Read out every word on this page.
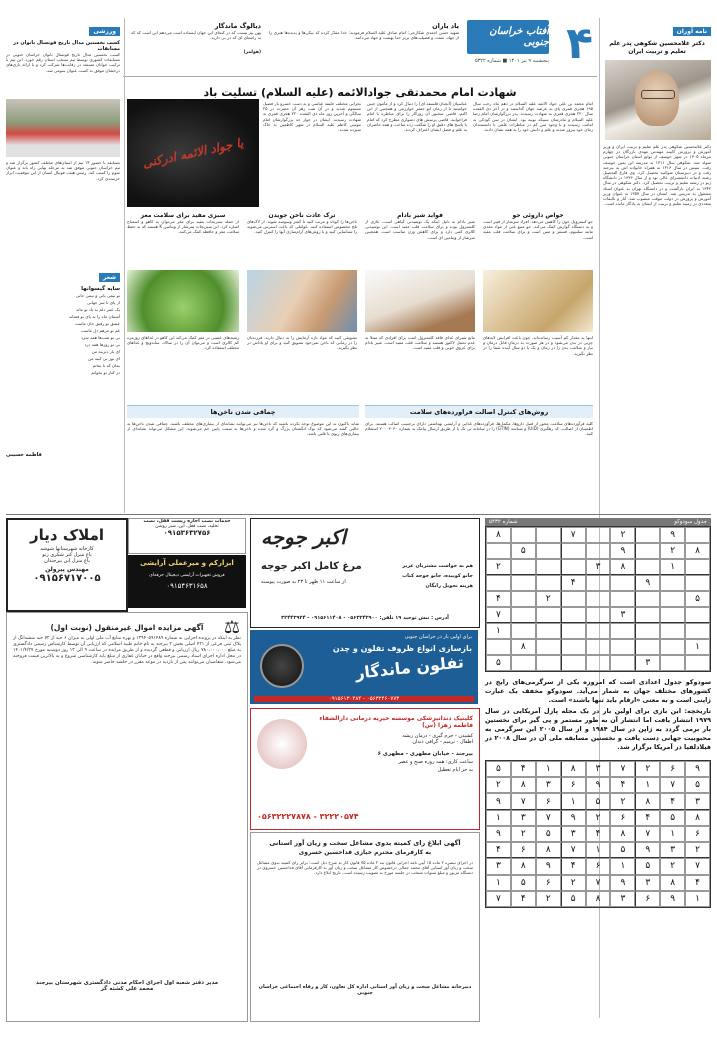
نامه آوران
دکتر غلامحسین شکوهی پدر علم تعلیم و تربیت ایران
دکتر غلامحسین شکوهی پدر علم تعلیم و تربیت ایران و وزیر آموزش و پرورش کابینه مهندس مهدی بازرگان در چهارم تیرماه ۱۳۰۵ در شهر خوسف از توابع استان خراسان جنوبی متولد شد. شکوهی سال ۱۳۱۱ به مدرسه ابن یمین خوسف رفت. سپس در سال ۱۳۱۶ به همراه خانواده اش به بیرجند رفت و در دبیرستان شوکتیه تحصیل کرد. وی فارغ التحصیل رشته ادبیات دانشسرای عالی بود و از سال ۱۳۳۶ در دانشگاه ژنو در رشته تعلیم و تربیت تحصیل کرد. دکتر شکوهی در سال ۱۳۴۲ به ایران بازگشت و در دانشگاه تهران به عنوان استاد مشغول به تدریس شد. ایشان در سال ۱۳۵۷ به عنوان وزیر آموزش و پرورش در دولت موقت منصوب شد. آثار و تالیفات متعددی در زمینه تعلیم و تربیت از ایشان به یادگار مانده است.
۴
آفتاب خراسان جنوبی
پنجشنبه ۹ تیر ۱۴۰۱ ■ شماره ۵۳۲۲
یاد یاران
شهید حسن احمدی شکارجی: امام صادق علیه السلام فرمودند: خدا مقدّر کرده که نیکی‌ها و پدیده‌ها هنری را از جهاد، نعمت و فضیلت‌های برتر خدا بهشت و جهاد می‌دانند.
دیالوگ ماندگار
پهن پیر نیست که در کنجای این جهان ایستاده است می‌دهم این است که که به راستای ای که در بی دارید.
(هولمز)
شهادت امام محمدتقی جوادالائمه (علیه السلام) تسلیت باد
یا جواد الائمه ادرکنی
امام محمد بن علی جواد الائمه علیه السلام در دهم ماه رجب سال ۱۹۵ هجری قمری پای به عرصه جهان گذاشتند و در آخر ذی القعده سال ۲۲۰ هجری قمری به شهادت رسیدند. پدر بزرگوارشان امام رضا علیه السلام و مادرشان سبیکه نوبیه بود. ایشان در سن کودکی به امامت رسیدند و با وجود سن کم در مناظرات علمی با دانشمندان زمان خود پیروز شدند و علم و دانش خود را به همه نشان دادند.
عباسیان (آنچنان فلسفه ای) را دنبال کرد و از مأمون چنین خواستند تا از زمان ابو جعفر خوارزمی و همچنین از ابن اکثم، قاضی سخنور آن روزگار را برای مناظره با امام فراخوانند. قاضی پرسش های دشواری مطرح کرد که امام با پاسخ های دقیق او را شگفت زده ساخت و همه حاضران به علم و فضل ایشان اعتراف کردند.
بحرانی مختلف خلیفه عباسی و به دست خسرو باز فضیل مسموم شدند و در آن شب زهر آن حضرت در ۲۵ سالگی و آخرین روز ماه ذی القعده ۲۲۰ هجری قمری به شهادت رسیدند. ایشان در جوار جد بزرگوارشان امام موسی کاظم علیه السلام در شهر کاظمین به خاک سپرده شدند.
خواص داروئی جو
جو کنسرویل خون را کاهش می‌دهد. افراد سرشار از فیبر است و به دستگاه گوارش کمک می‌کند. جو منبع غنی از مواد مغذی مانند سلنیوم، فسفر و مس است و برای سلامت قلب مفید است.
اینها به مقدار کم آسیب رسانده‌اند. چون باعث افزایش لایه‌های چربی در بدن می‌شود و در هر صورت به درمان قابل درمان و نیاز و سلامت بدن را در زمان و یک یا دو سال آینده شما را در نظر بگیرید.
فواید شیر بادام
شیر بادام به دلیل اینکه یک نوشیدنی گیاهی است، عاری از کلسترول بوده و برای سلامت قلب مفید است. این نوشیدنی کالری کمی دارد و برای کاهش وزن مناسب است. همچنین سرشار از ویتامین ای است.
مانع شیرای غذای فاقد کلسترول است برای افرادی که مبتلا به عدم تحمل لاکتوز هستند و سلامت قلب مفید است. شیر بادام برای عروق خونی و قلب مفید است.
ترک عادت ناخن جویدن
ناخن‌ها را کوتاه و مرتب کنید تا کمتر وسوسه شوید. از لاک‌های تلخ مخصوص استفاده کنید. عواملی که باعث استرس می‌شوند را شناسایی کنید و با روش‌های آرام‌سازی آنها را کنترل کنید.
تشویقی کنید که مواد تازه آزمایش را به دنبال دارند. فرزندتان را در زمانی که ناخن نمی‌جود تشویق کنید و برای او پاداش در نظر بگیرید.
سبزی مفید برای سلامت مغز
از جمله سبزیجات مفید برای مغز می‌توان به کاهو و اسفناج اشاره کرد. این سبزیجات سرشار از ویتامین K هستند که به حفظ سلامت مغز و حافظه کمک می‌کنند.
رشته‌های عصبی در مغز کمک می‌کند این کاهو در غذاهای روزمره کم کالری است و می‌توان آن را در سالاد، ساندویچ و غذاهای مختلف استفاده کرد.
روش‌های کنترل اصالت فراورده‌های سلامت
کلیه فرآورده‌های سلامت محور از قبیل داروها، مکمل‌ها، فرآورده‌های غذایی و آرایشی بهداشتی دارای برچسب اصالت هستند. برای اطمینان از اصالت، کد رهگیری (UID) و شناسه (GTIN) را در سامانه تی تک یا از طریق ارسال پیامک به شماره ۲۰۰۰۳۰۳۰ استعلام کنید.
چماقی شدن ناخن‌ها
شاید تاکنون به این موضوع توجه نکرده باشید که ناخن‌ها نیز می‌توانند نشانه‌ای از بیماری‌های مختلف باشند. چماقی شدن ناخن‌ها به حالتی گفته می‌شود که نوک انگشتان بزرگ و گرد شده و ناخن‌ها به سمت پایین خم می‌شوند. این مشکل می‌تواند نشانه‌ای از بیماری‌های ریوی یا قلبی باشد.
ورزشی
کسب نخستین مدال تاریخ فوتسال بانوان در مسابقات
کسب نخستین مدال تاریخ فوتسال بانوان خراسان جنوبی در مسابقات کشوری توسط تیم منتخب استان رقم خورد. این تیم با ترکیب جوانان مستعد در رقابت‌ها شرکت کرد و با ارائه بازی‌های درخشان موفق به کسب عنوان سومی شد.
مسابقه با حضور ۱۴ تیم از استان‌های مختلف کشور برگزار شد و تیم خراسان جنوبی موفق شد به مرحله نهایی راه یابد و عنوان سوم را کسب کند. رئیس هیئت فوتبال استان از این موفقیت ابراز خرسندی کرد.
شعر
سایه گیسوانها
تو نیمی بانی و نیمی جانی
از پای تا سر جهانی
یک عمر دلم به یاد تو ماند
آسمان ماه را به پای تو فشاند
عشق تو رفیق جان ماست
غم تو مرهم دل ماست
بی تو شب‌ها همه سرد
بی تو روزها همه درد
ای یار دیرینه من
ای نور بی کینه من
بمان که تا بمانم
در کنار تو بخوانم
فاطمه حسینی
املاک دیار
کارخانه شهرستانها شوشه
باغ منزل کنز شکری زنو
باغ منزل ابن بیرجندان
مهندس پیرولن
۰۹۱۵۶۷۱۷۰۰۵
خدمات نصب اجاره ریست قفل، نصب
تخلیه، نصب قفل، اپن، شیر روشن
۰۹۱۵۳۶۳۲۷۵۶
ابزارکم و میرعملی آرایشی
فروش تجهیزات آرایشی دیجیتال حرفه‌ای
۰۹۱۵۴۶۳۱۶۵۸
⚖
آگهی مزایده اموال غیرمنقول (نوبت اول)
نظر به اینکه در پرونده اجرایی به شماره ۱۳۹۴۰۵۹۱۴۸۹ و بهره منابع آب ملی اولی به میزان ۶ حبه از ۷۲ حبه ششدانگ از پلاک ثبتی فرعی از ۴۲۱ اصلی بخش ۲ بیرجند به نام خانم طیبه اسلامی که ارزیابی آن توسط کارشناس رسمی دادگستری به مبلغ ۷۸۰،۰۰۰،۰۰۰ ریال ارزیابی و قطعی گردیده و از طریق مزایده در ساعت ۹ الی ۱۲ روز دوشنبه مورخ ۱۴۰۱/۴/۲۷ در محل اداره اجرای اسناد رسمی بیرجند واقع در خیابان غفاری از مبلغ پایه کارشناسی شروع و به بالاترین قیمت فروخته می‌شود. متقاضیان می‌توانند پس از بازدید در موعد مقرر در جلسه حاضر شوند.
مدیر دفتر شعبه اول اجرای احکام مدنی دادگستری شهرستان بیرجند
محمد علی کشته گر
اکبر جوجه
مرغ کامل اکبر جوجه
از ساعت ۱۱ ظهر تا ۲۳ به صورت پیوسته
هم به خواست مشتریان عزیز
جانو کوبیده، جانو جوجه کباب
هزینه تحویل رایگان
آدرس : نبش توحید ۱۹ تلفن: ۰۵۶۳۲۴۲۹۰۰ - ۰۹۱۵۶۱۱۴۰۸ - ۳۲۴۴۳۹۲۴
برای اولین بار در خراسان جنوبی
بازسازی انواع ظروف تفلون و چدن
تفلون ماندگار
۰۵۶۳۲۴۶۰۷۷۳ - ۰۹۱۵۶۱۳۰۴۸۴
کلینیک دندانپزشکی موسسه خیریه درمانی دارالشفاء فاطمه زهرا (س)
کشیدن - جرم گیری - درمان ریشه
اطفال - ترمیم - گرافی دندان
بیرجند - خیابان مطهری - مطهری ۶
ساعت کاری: همه روزه صبح و عصر
به جز ایام تعطیل
۳۲۲۲۰۵۷۴ - ۰۵۶۳۲۲۲۷۸۷۸
آگهی ابلاغ رای کمیته بدوی مشاغل سخت و زیان آور استانی
به کارفرمای محترم خیاری فداحسین خسروی
در اجرای تبصره ۲ ماده ۱۵ آیین نامه اجرایی قانون بند ۲ ماده ۷۵ قانون کار به شرح ذیل است: برابر رای کمیته بدوی مشاغل سخت و زیان آور استانی آقای محمد جمالی درخصوص کار مشاغل سخت و زیان آور به کارفرمایی آقای فداحسین خسروی در دستگاه مزبور و مبلغ سنوات منتخب در جلسه مورخ به تصویب رسیده است. تاریخ ابلاغ دارد.
دبیرخانه مشاغل سخت و زیان آور استانی اداره کل تعاون، کار و رفاه اجتماعی خراسان جنوبی
جدول سودوکو
شماره ۵۴۳۲
۹
۲
۷
۸
۸
۲
۹
۵
۱
۸
۳
۲
۹
۴
۵
۲
۴
۳
۷
۱
۱
۸
۳
۵
سودوکو جدول اعدادی است که امروزه یکی از سرگرمی‌های رایج در کشورهای مختلف جهان به شمار می‌آید. سودوکو مخفف یک عبارت ژاپنی است و به معنی «ارقام باید تنها باشند» است.
تاریخچه: این بازی برای اولین بار در یک مجله پازل آمریکایی در سال ۱۹۷۹ انتشار یافت اما انتشار آن به طور مستمر و پی گیر برای نخستین بار برمی گردد به ژاپن در سال ۱۹۸۴ و از سال ۲۰۰۵ این سرگرمی به محبوبیت جهانی دست یافت و نخستین مسابقه ملی آن در سال ۲۰۰۸ در فیلادلفیا در آمریکا برگزار شد.
۹
۶
۲
۷
۳
۸
۱
۴
۵
۵
۷
۱
۴
۹
۶
۳
۸
۲
۳
۴
۸
۲
۵
۱
۶
۷
۹
۸
۵
۴
۶
۲
۹
۷
۳
۱
۶
۱
۷
۸
۴
۳
۵
۲
۹
۲
۳
۹
۵
۱
۷
۸
۶
۴
۷
۲
۵
۱
۶
۴
۹
۸
۳
۴
۸
۳
۹
۷
۲
۶
۵
۱
۱
۹
۶
۳
۸
۵
۲
۴
۷
